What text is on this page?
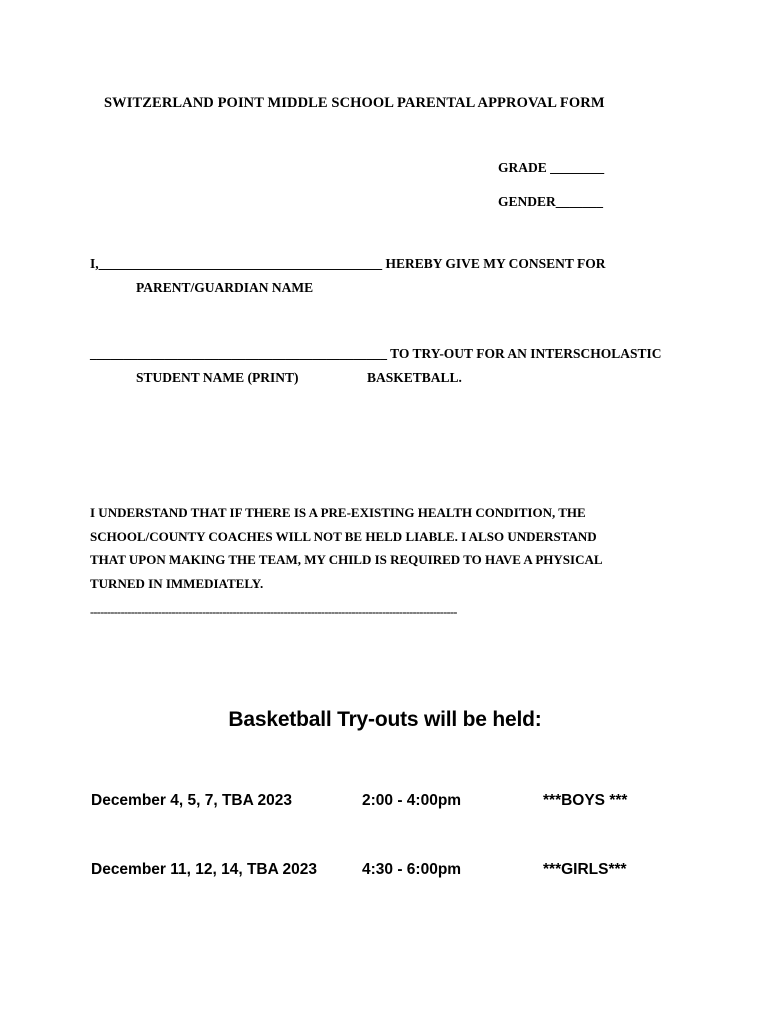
SWITZERLAND POINT MIDDLE SCHOOL PARENTAL APPROVAL FORM
GRADE ________
GENDER_______
I,__________________________________________ HEREBY GIVE MY CONSENT FOR
PARENT/GUARDIAN NAME
____________________________________________ TO TRY-OUT FOR AN INTERSCHOLASTIC
STUDENT NAME (PRINT)	BASKETBALL.
I UNDERSTAND THAT IF THERE IS A PRE-EXISTING HEALTH CONDITION, THE
SCHOOL/COUNTY COACHES WILL NOT BE HELD LIABLE. I ALSO UNDERSTAND
THAT UPON MAKING THE TEAM, MY CHILD IS REQUIRED TO HAVE A PHYSICAL
TURNED IN IMMEDIATELY.
------------------------------------------------------------------------------------------------------------
Basketball Try-outs will be held:
December 4, 5, 7, TBA 2023	2:00 - 4:00pm	***BOYS ***
December 11, 12, 14, TBA 2023	4:30 - 6:00pm	***GIRLS***
